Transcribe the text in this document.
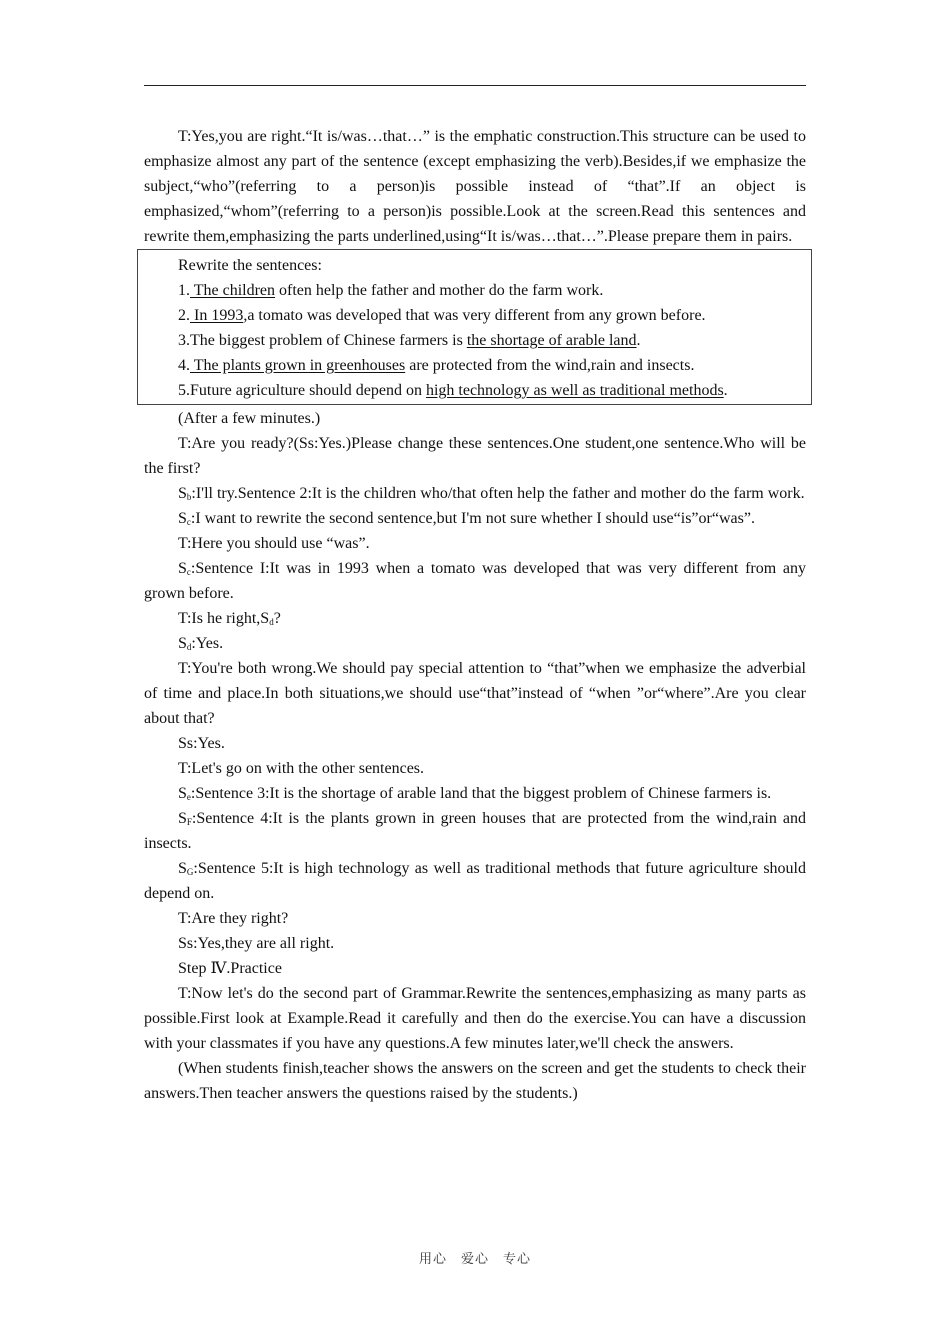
T:Yes,you are right.“It is/was…that…” is the emphatic construction.This structure can be used to emphasize almost any part of the sentence (except emphasizing the verb).Besides,if we emphasize the subject,“who”(referring to a person)is possible instead of “that”.If an object is emphasized,“whom”(referring to a person)is possible.Look at the screen.Read this sentences and rewrite them,emphasizing the parts underlined,using“It is/was…that…”.Please prepare them in pairs.

Rewrite the sentences:

1. The children often help the father and mother do the farm work.

2. In 1993,a tomato was developed that was very different from any grown before.

3.The biggest problem of Chinese farmers is the shortage of arable land.

4. The plants grown in greenhouses are protected from the wind,rain and insects.

5.Future agriculture should depend on high technology as well as traditional methods.

(After a few minutes.)

T:Are you ready?(Ss:Yes.)Please change these sentences.One student,one sentence.Who will be the first?

$S_b:I'll$ try.Sentence 2:It is the children who/that often help the father and mother do the farm work.

$S_c:I$ want to rewrite the second sentence,but I'm not sure whether I should use“is”or“was”.

T:Here you should use “was”.

$S_c:Sentence$ I:It was in 1993 when a tomato was developed that was very different from any grown before.

T:Is he $right,S_d$?

$S_d:Yes$.

T:You're both wrong.We should pay special attention to “that”when we emphasize the adverbial of time and place.In both situations,we should use“that”instead of “when ”or“where”.Are you clear about that?

Ss:Yes.

T:Let's go on with the other sentences.

$S_e:Sentence$ 3:It is the shortage of arable land that the biggest problem of Chinese farmers is.

$S_F:Sentence$ 4:It is the plants grown in green houses that are protected from the wind,rain and insects.

$S_G:Sentence$ 5:It is high technology as well as traditional methods that future agriculture should depend on.

T:Are they right?

Ss:Yes,they are all right.

Step Ⅳ.Practice

T:Now let's do the second part of Grammar.Rewrite the sentences,emphasizing as many parts as possible.First look at Example.Read it carefully and then do the exercise.You can have a discussion with your classmates if you have any questions.A few minutes later,we'll check the answers.

(When students finish,teacher shows the answers on the screen and get the students to check their answers.Then teacher answers the questions raised by the students.)

用心　爱心　专心
